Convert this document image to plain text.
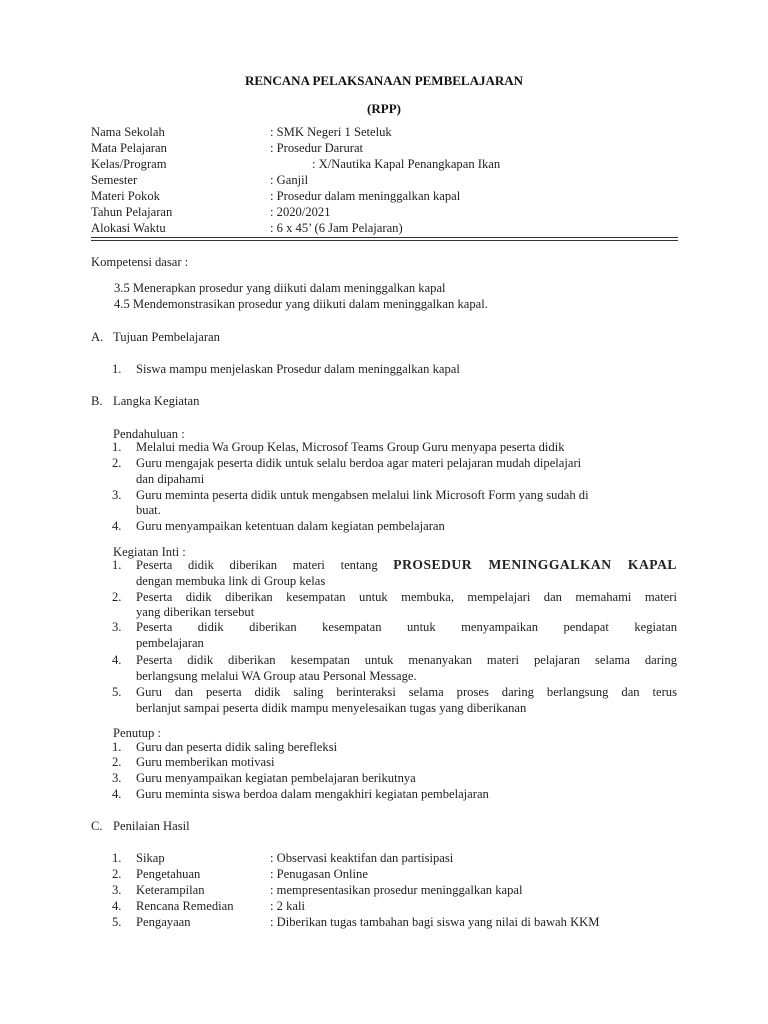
RENCANA PELAKSANAAN PEMBELAJARAN
(RPP)
Nama Sekolah	: SMK Negeri 1 Seteluk
Mata Pelajaran	: Prosedur Darurat
Kelas/Program	: X/Nautika Kapal Penangkapan Ikan
Semester	: Ganjil
Materi Pokok	: Prosedur dalam meninggalkan kapal
Tahun Pelajaran	: 2020/2021
Alokasi Waktu	: 6 x 45’ (6 Jam Pelajaran)
Kompetensi dasar :
3.5 Menerapkan prosedur yang diikuti dalam meninggalkan kapal
4.5 Mendemonstrasikan prosedur yang diikuti dalam meninggalkan kapal.
A. Tujuan Pembelajaran
1. Siswa mampu menjelaskan Prosedur dalam meninggalkan kapal
B. Langka Kegiatan
Pendahuluan :
1. Melalui media Wa Group Kelas, Microsof Teams Group Guru menyapa peserta didik
2. Guru mengajak peserta didik untuk selalu berdoa agar materi pelajaran mudah dipelajari
dan dipahami
3. Guru meminta peserta didik untuk mengabsen melalui link Microsoft Form yang sudah di
buat.
4. Guru menyampaikan ketentuan dalam kegiatan pembelajaran
Kegiatan Inti :
1. Peserta didik diberikan materi tentang PROSEDUR MENINGGALKAN KAPAL
dengan membuka link di Group kelas
2. Peserta didik diberikan kesempatan untuk membuka, mempelajari dan memahami materi
yang diberikan tersebut
3. Peserta didik diberikan kesempatan untuk menyampaikan pendapat kegiatan
pembelajaran
4. Peserta didik diberikan kesempatan untuk menanyakan materi pelajaran selama daring
berlangsung melalui WA Group atau Personal Message.
5. Guru dan peserta didik saling berinteraksi selama proses daring berlangsung dan terus
berlanjut sampai peserta didik mampu menyelesaikan tugas yang diberikanan
Penutup :
1. Guru dan peserta didik saling berefleksi
2. Guru memberikan motivasi
3. Guru menyampaikan kegiatan pembelajaran berikutnya
4. Guru meminta siswa berdoa dalam mengakhiri kegiatan pembelajaran
C. Penilaian Hasil
1. Sikap	: Observasi keaktifan dan partisipasi
2. Pengetahuan	: Penugasan Online
3. Keterampilan	: mempresentasikan prosedur meninggalkan kapal
4. Rencana Remedian	: 2 kali
5. Pengayaan	: Diberikan tugas tambahan bagi siswa yang nilai di bawah KKM
